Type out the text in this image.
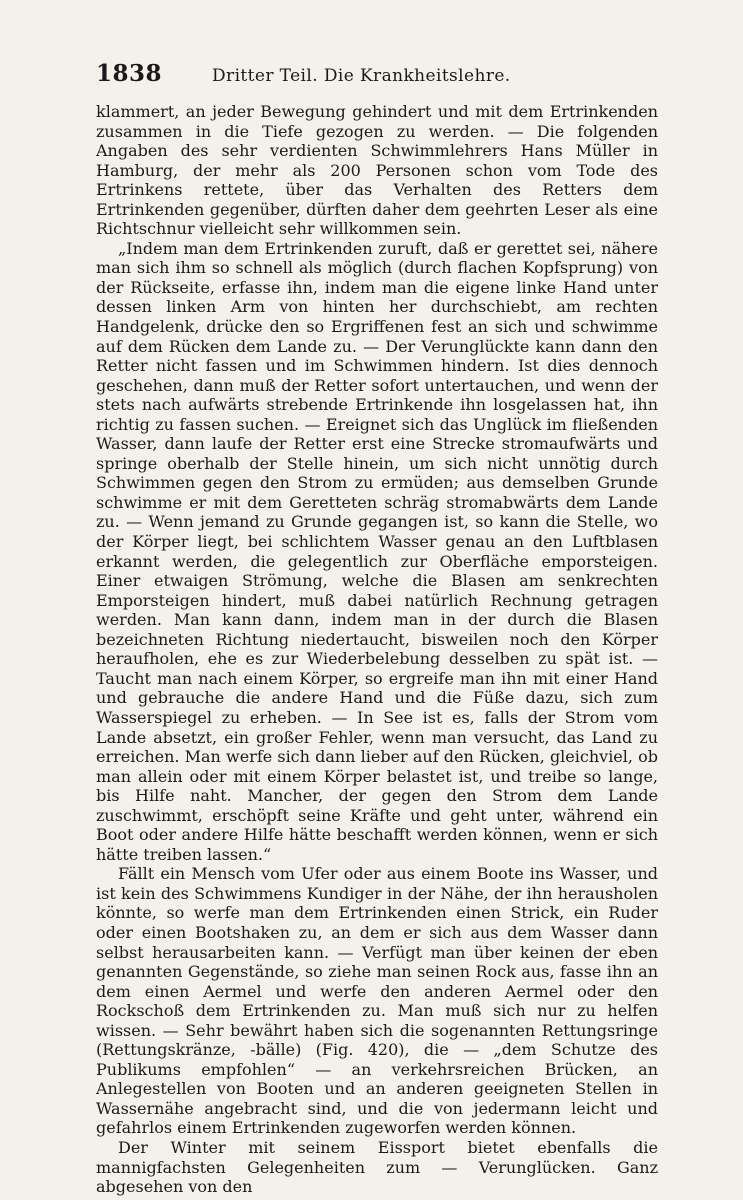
1838	Dritter Teil. Die Krankheitslehre.

klammert, an jeder Bewegung gehindert und mit dem Ertrinkenden zusammen in die Tiefe gezogen zu werden. — Die folgenden Angaben des sehr verdienten Schwimmlehrers Hans Müller in Hamburg, der mehr als 200 Personen schon vom Tode des Ertrinkens rettete, über das Verhalten des Retters dem Ertrinkenden gegenüber, dürften daher dem geehrten Leser als eine Richtschnur vielleicht sehr willkommen sein.

„Indem man dem Ertrinkenden zuruft, daß er gerettet sei, nähere man sich ihm so schnell als möglich (durch flachen Kopfsprung) von der Rückseite, erfasse ihn, indem man die eigene linke Hand unter dessen linken Arm von hinten her durchschiebt, am rechten Handgelenk, drücke den so Ergriffenen fest an sich und schwimme auf dem Rücken dem Lande zu. — Der Verunglückte kann dann den Retter nicht fassen und im Schwimmen hindern. Ist dies dennoch geschehen, dann muß der Retter sofort untertauchen, und wenn der stets nach aufwärts strebende Ertrinkende ihn losgelassen hat, ihn richtig zu fassen suchen. — Ereignet sich das Unglück im fließenden Wasser, dann laufe der Retter erst eine Strecke stromaufwärts und springe oberhalb der Stelle hinein, um sich nicht unnötig durch Schwimmen gegen den Strom zu ermüden; aus demselben Grunde schwimme er mit dem Geretteten schräg stromabwärts dem Lande zu. — Wenn jemand zu Grunde gegangen ist, so kann die Stelle, wo der Körper liegt, bei schlichtem Wasser genau an den Luftblasen erkannt werden, die gelegentlich zur Oberfläche emporsteigen. Einer etwaigen Strömung, welche die Blasen am senkrechten Emporsteigen hindert, muß dabei natürlich Rechnung getragen werden. Man kann dann, indem man in der durch die Blasen bezeichneten Richtung niedertaucht, bisweilen noch den Körper heraufholen, ehe es zur Wiederbelebung desselben zu spät ist. — Taucht man nach einem Körper, so ergreife man ihn mit einer Hand und gebrauche die andere Hand und die Füße dazu, sich zum Wasserspiegel zu erheben. — In See ist es, falls der Strom vom Lande absetzt, ein großer Fehler, wenn man versucht, das Land zu erreichen. Man werfe sich dann lieber auf den Rücken, gleichviel, ob man allein oder mit einem Körper belastet ist, und treibe so lange, bis Hilfe naht. Mancher, der gegen den Strom dem Lande zuschwimmt, erschöpft seine Kräfte und geht unter, während ein Boot oder andere Hilfe hätte beschafft werden können, wenn er sich hätte treiben lassen.“

Fällt ein Mensch vom Ufer oder aus einem Boote ins Wasser, und ist kein des Schwimmens Kundiger in der Nähe, der ihn herausholen könnte, so werfe man dem Ertrinkenden einen Strick, ein Ruder oder einen Bootshaken zu, an dem er sich aus dem Wasser dann selbst herausarbeiten kann. — Verfügt man über keinen der eben genannten Gegenstände, so ziehe man seinen Rock aus, fasse ihn an dem einen Aermel und werfe den anderen Aermel oder den Rockschoß dem Ertrinkenden zu. Man muß sich nur zu helfen wissen. — Sehr bewährt haben sich die sogenannten Rettungsringe (Rettungskränze, -bälle) (Fig. 420), die — „dem Schutze des Publikums empfohlen“ — an verkehrsreichen Brücken, an Anlegestellen von Booten und an anderen geeigneten Stellen in Wassernähe angebracht sind, und die von jedermann leicht und gefahrlos einem Ertrinkenden zugeworfen werden können.

Der Winter mit seinem Eissport bietet ebenfalls die mannigfachsten Gelegenheiten zum — Verunglücken. Ganz abgesehen von den
